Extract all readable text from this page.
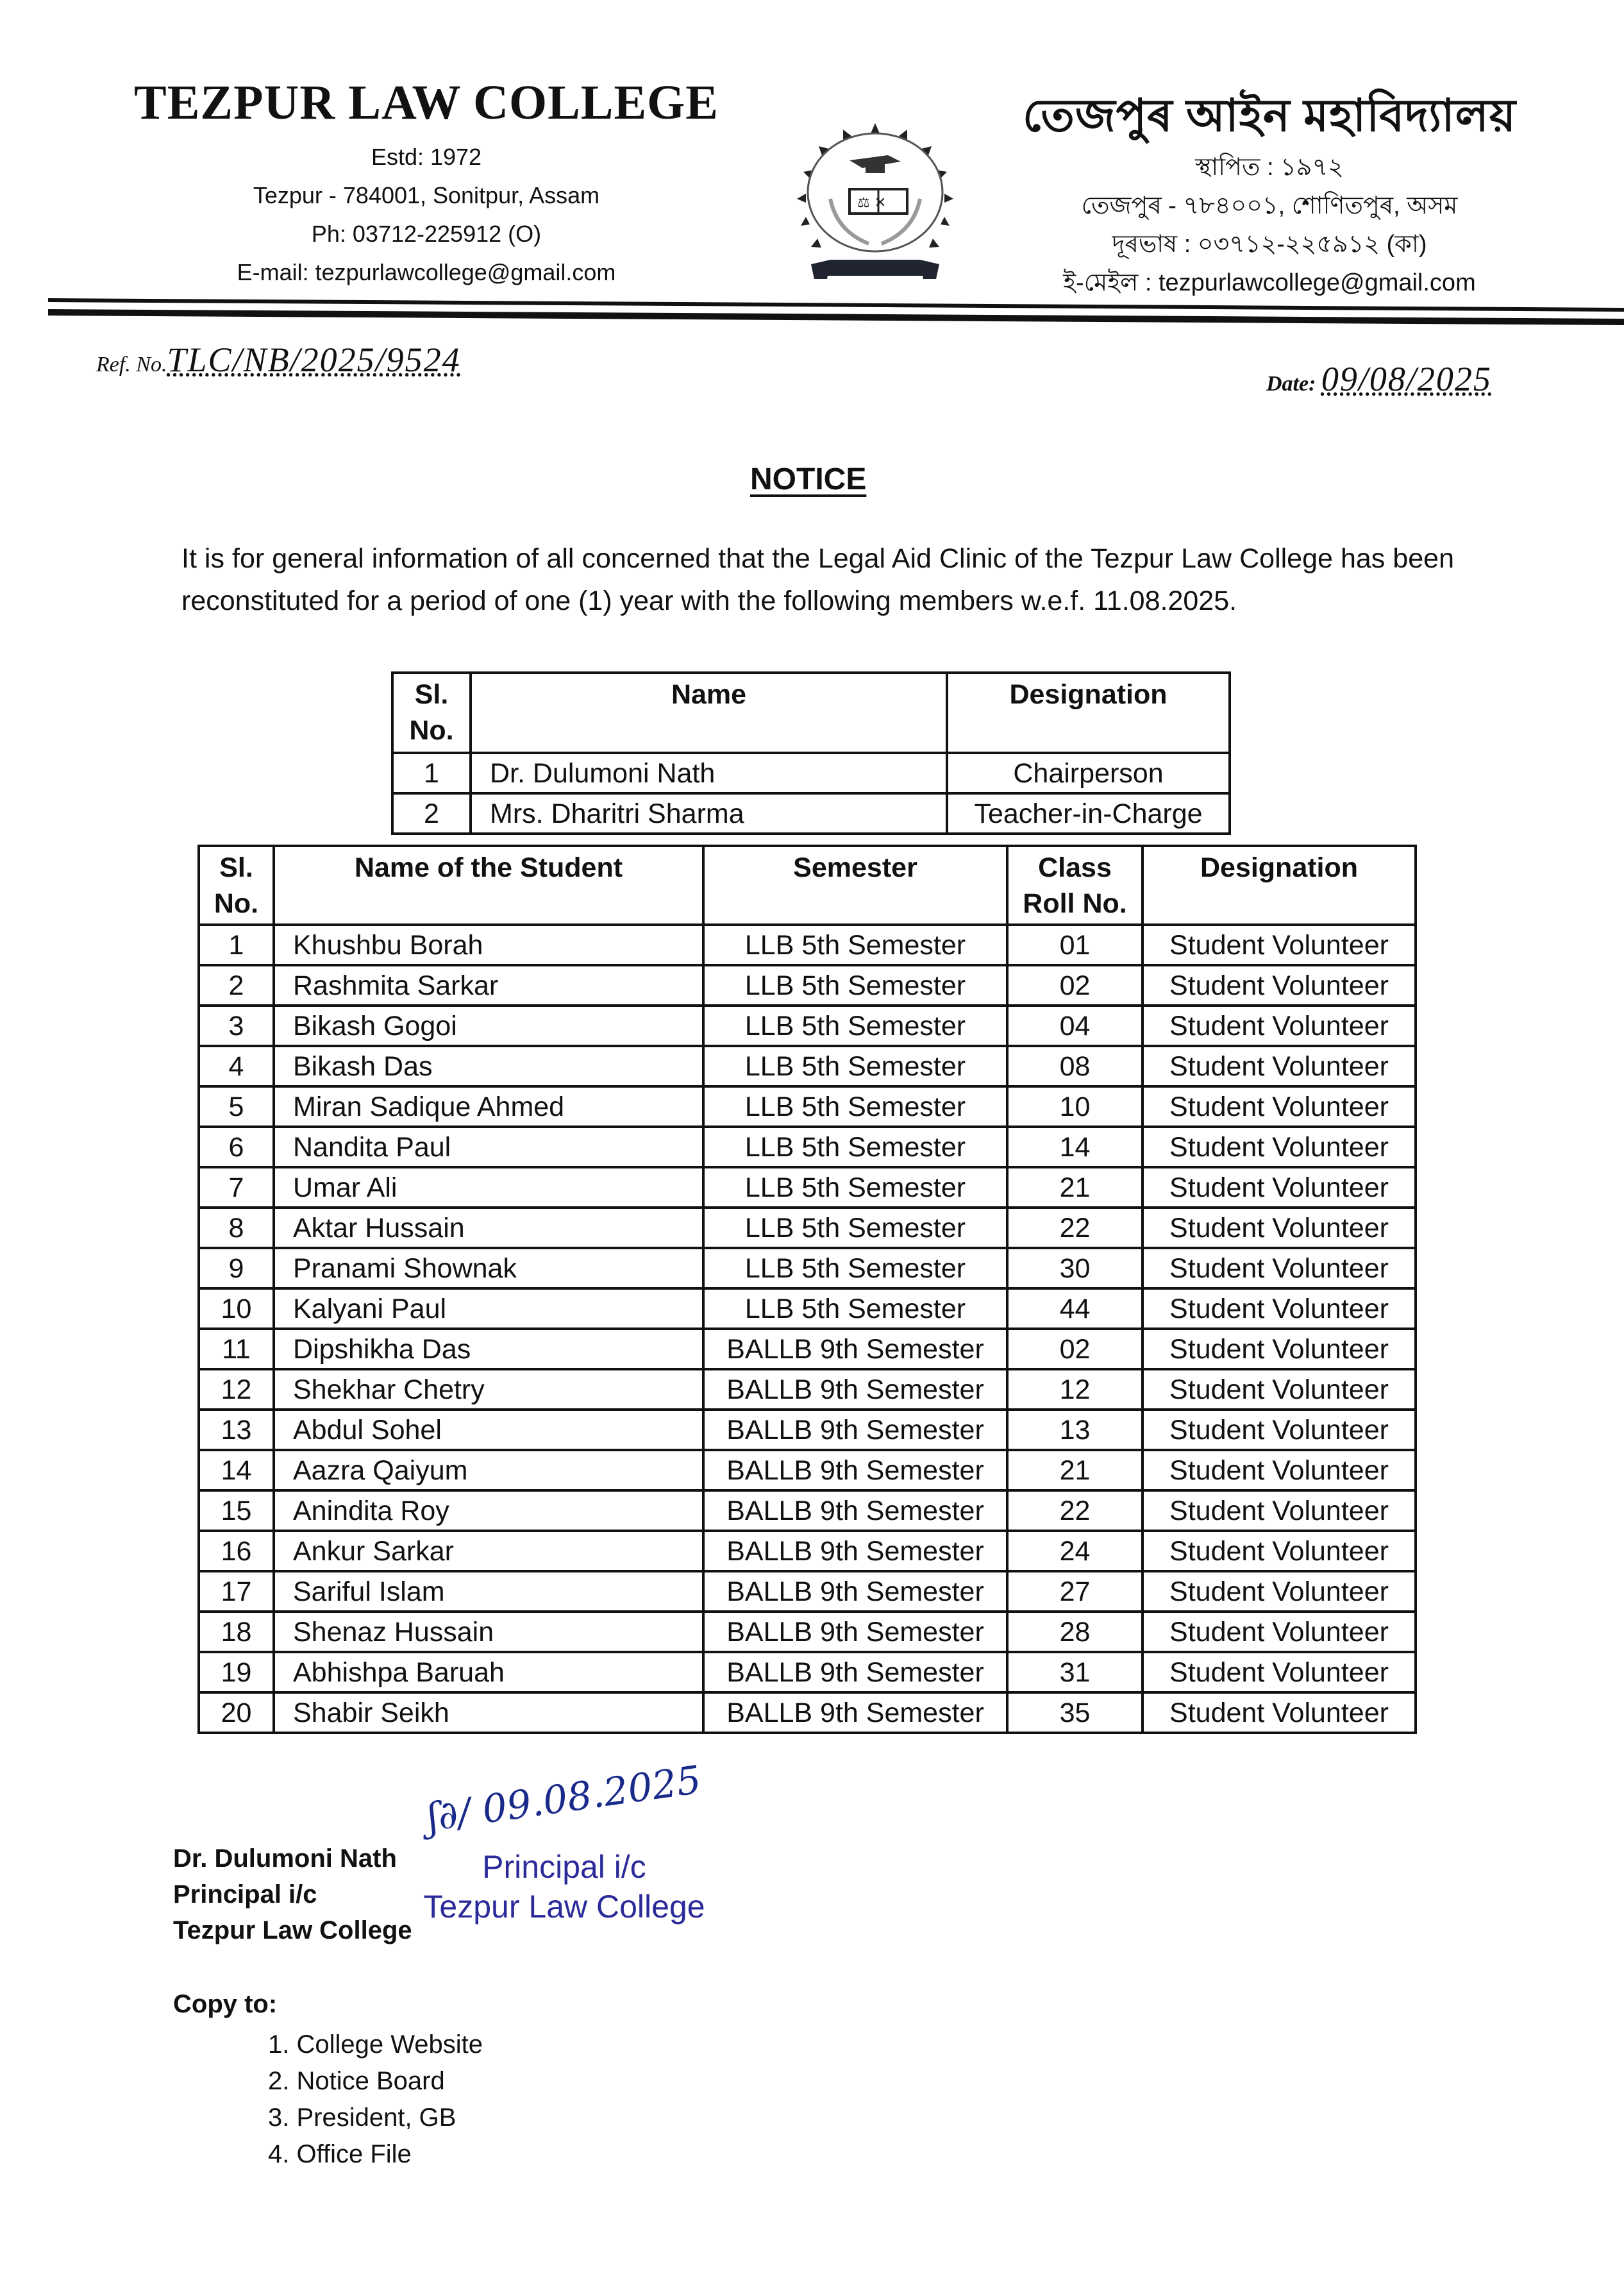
TEZPUR LAW COLLEGE
Estd: 1972
Tezpur - 784001, Sonitpur, Assam
Ph: 03712-225912 (O)
E-mail: tezpurlawcollege@gmail.com
⚖ ✕
তেজপুৰ আইন মহাবিদ্যালয়
স্থাপিত : ১৯৭২
তেজপুৰ - ৭৮৪০০১, শোণিতপুৰ, অসম
দূৰভাষ : ০৩৭১২-২২৫৯১২ (কা)
ই-মেইল : tezpurlawcollege@gmail.com
Ref. No.TLC/NB/2025/9524
Date: 09/08/2025
NOTICE
It is for general information of all concerned that the Legal Aid Clinic of the Tezpur Law College has been reconstituted for a period of one (1) year with the following members w.e.f. 11.08.2025.
Sl. No.	Name	Designation
1	Dr. Dulumoni Nath	Chairperson
2	Mrs. Dharitri Sharma	Teacher-in-Charge
Sl. No.	Name of the Student	Semester	Class Roll No.	Designation
1	Khushbu Borah	LLB 5th Semester	01	Student Volunteer
2	Rashmita Sarkar	LLB 5th Semester	02	Student Volunteer
3	Bikash Gogoi	LLB 5th Semester	04	Student Volunteer
4	Bikash Das	LLB 5th Semester	08	Student Volunteer
5	Miran Sadique Ahmed	LLB 5th Semester	10	Student Volunteer
6	Nandita Paul	LLB 5th Semester	14	Student Volunteer
7	Umar Ali	LLB 5th Semester	21	Student Volunteer
8	Aktar Hussain	LLB 5th Semester	22	Student Volunteer
9	Pranami Shownak	LLB 5th Semester	30	Student Volunteer
10	Kalyani Paul	LLB 5th Semester	44	Student Volunteer
11	Dipshikha Das	BALLB 9th Semester	02	Student Volunteer
12	Shekhar Chetry	BALLB 9th Semester	12	Student Volunteer
13	Abdul Sohel	BALLB 9th Semester	13	Student Volunteer
14	Aazra Qaiyum	BALLB 9th Semester	21	Student Volunteer
15	Anindita Roy	BALLB 9th Semester	22	Student Volunteer
16	Ankur Sarkar	BALLB 9th Semester	24	Student Volunteer
17	Sariful Islam	BALLB 9th Semester	27	Student Volunteer
18	Shenaz Hussain	BALLB 9th Semester	28	Student Volunteer
19	Abhishpa Baruah	BALLB 9th Semester	31	Student Volunteer
20	Shabir Seikh	BALLB 9th Semester	35	Student Volunteer
ʃ∂∕ 09.08.2025
Principal i/c
Tezpur Law College
Dr. Dulumoni Nath
Principal i/c
Tezpur Law College
Copy to:
1. College Website
2. Notice Board
3. President, GB
4. Office File
